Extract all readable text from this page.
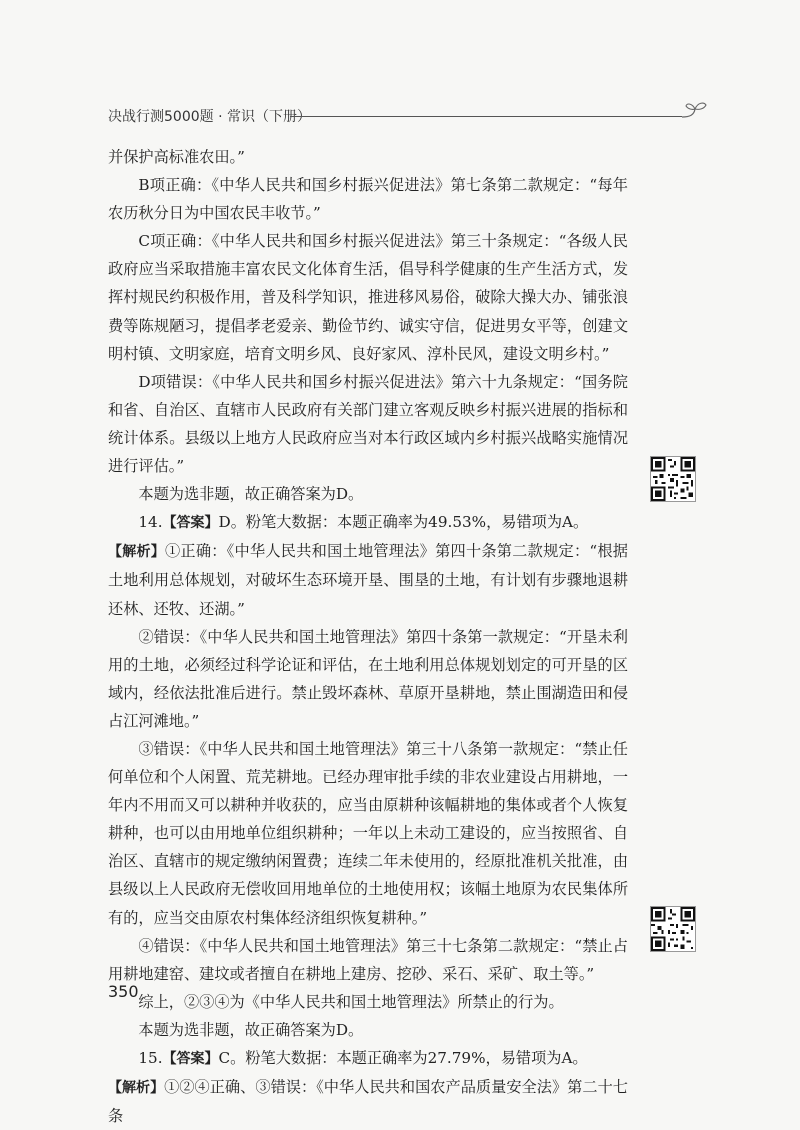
决战行测5000题 · 常识（下册）

并保护高标准农田。”

B项正确：《中华人民共和国乡村振兴促进法》第七条第二款规定：“每年农历秋分日为中国农民丰收节。”

C项正确：《中华人民共和国乡村振兴促进法》第三十条规定：“各级人民政府应当采取措施丰富农民文化体育生活，倡导科学健康的生产生活方式，发挥村规民约积极作用，普及科学知识，推进移风易俗，破除大操大办、铺张浪费等陈规陋习，提倡孝老爱亲、勤俭节约、诚实守信，促进男女平等，创建文明村镇、文明家庭，培育文明乡风、良好家风、淳朴民风，建设文明乡村。”

D项错误：《中华人民共和国乡村振兴促进法》第六十九条规定：“国务院和省、自治区、直辖市人民政府有关部门建立客观反映乡村振兴进展的指标和统计体系。县级以上地方人民政府应当对本行政区域内乡村振兴战略实施情况进行评估。”

本题为选非题，故正确答案为D。

14.【答案】D。粉笔大数据：本题正确率为49.53%，易错项为A。

【解析】①正确：《中华人民共和国土地管理法》第四十条第二款规定：“根据土地利用总体规划，对破坏生态环境开垦、围垦的土地，有计划有步骤地退耕还林、还牧、还湖。”

②错误：《中华人民共和国土地管理法》第四十条第一款规定：“开垦未利用的土地，必须经过科学论证和评估，在土地利用总体规划划定的可开垦的区域内，经依法批准后进行。禁止毁坏森林、草原开垦耕地，禁止围湖造田和侵占江河滩地。”

③错误：《中华人民共和国土地管理法》第三十八条第一款规定：“禁止任何单位和个人闲置、荒芜耕地。已经办理审批手续的非农业建设占用耕地，一年内不用而又可以耕种并收获的，应当由原耕种该幅耕地的集体或者个人恢复耕种，也可以由用地单位组织耕种；一年以上未动工建设的，应当按照省、自治区、直辖市的规定缴纳闲置费；连续二年未使用的，经原批准机关批准，由县级以上人民政府无偿收回用地单位的土地使用权；该幅土地原为农民集体所有的，应当交由原农村集体经济组织恢复耕种。”

④错误：《中华人民共和国土地管理法》第三十七条第二款规定：“禁止占用耕地建窑、建坟或者擅自在耕地上建房、挖砂、采石、采矿、取土等。”

综上，②③④为《中华人民共和国土地管理法》所禁止的行为。

本题为选非题，故正确答案为D。

15.【答案】C。粉笔大数据：本题正确率为27.79%，易错项为A。

【解析】①②④正确、③错误：《中华人民共和国农产品质量安全法》第二十七条

350
